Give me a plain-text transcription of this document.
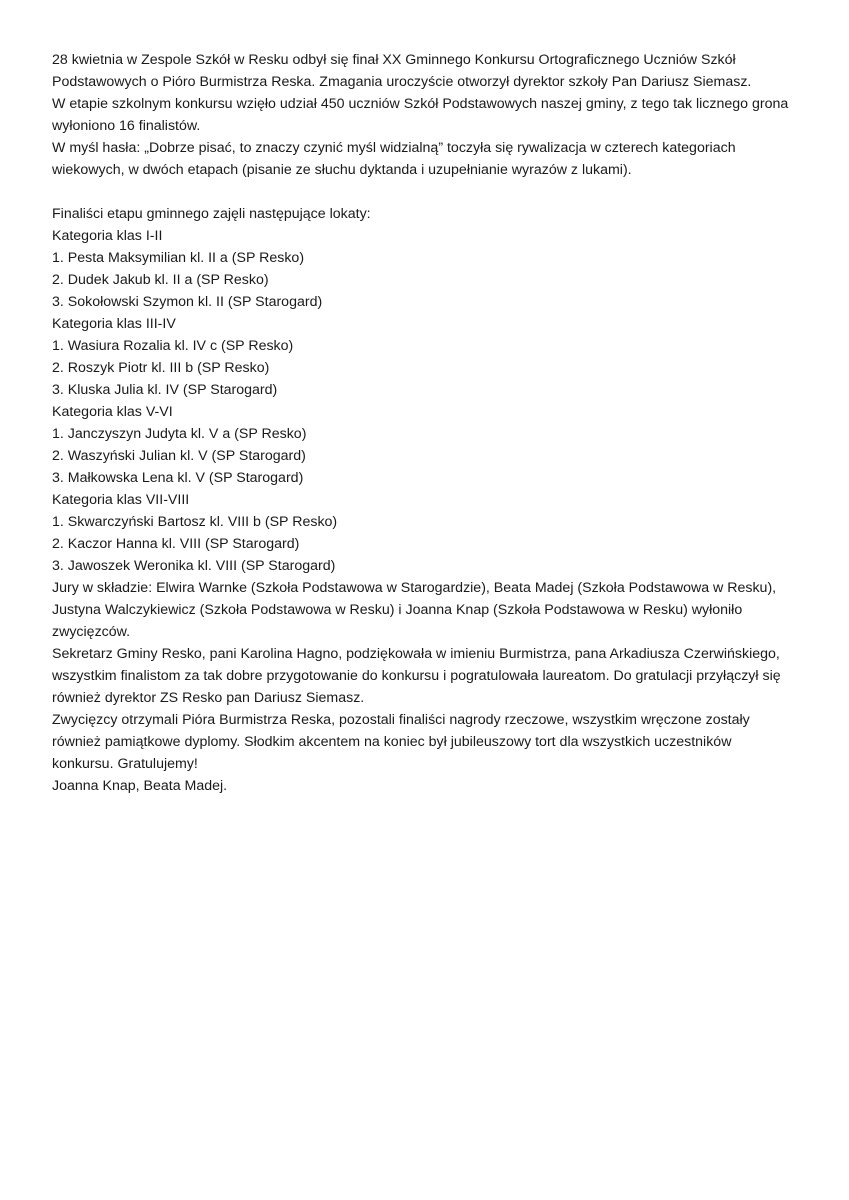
28 kwietnia w Zespole Szkół w Resku odbył się finał XX Gminnego Konkursu Ortograficznego Uczniów Szkół
Podstawowych o Pióro Burmistrza Reska. Zmagania uroczyście otworzył dyrektor szkoły Pan Dariusz Siemasz.
W etapie szkolnym konkursu wzięło udział 450 uczniów Szkół Podstawowych naszej gminy, z tego tak licznego grona
wyłoniono 16 finalistów.
W myśl hasła: „Dobrze pisać, to znaczy czynić myśl widzialną” toczyła się rywalizacja w czterech kategoriach
wiekowych, w dwóch etapach (pisanie ze słuchu dyktanda i uzupełnianie wyrazów z lukami).
Finaliści etapu gminnego zajęli następujące lokaty:
Kategoria klas I-II
1. Pesta Maksymilian kl. II a (SP Resko)
2. Dudek Jakub kl. II a (SP Resko)
3. Sokołowski Szymon kl. II (SP Starogard)
Kategoria klas III-IV
1. Wasiura Rozalia kl. IV c (SP Resko)
2. Roszyk Piotr kl. III b (SP Resko)
3. Kluska Julia kl. IV (SP Starogard)
Kategoria klas V-VI
1. Janczyszyn Judyta kl. V a (SP Resko)
2. Waszyński Julian kl. V (SP Starogard)
3. Małkowska Lena kl. V (SP Starogard)
Kategoria klas VII-VIII
1. Skwarczyński Bartosz kl. VIII b (SP Resko)
2. Kaczor Hanna kl. VIII (SP Starogard)
3. Jawoszek Weronika kl. VIII (SP Starogard)
Jury w składzie: Elwira Warnke (Szkoła Podstawowa w Starogardzie), Beata Madej (Szkoła Podstawowa w Resku),
Justyna Walczykiewicz (Szkoła Podstawowa w Resku) i Joanna Knap (Szkoła Podstawowa w Resku) wyłoniło
zwycięzców.
Sekretarz Gminy Resko, pani Karolina Hagno, podziękowała w imieniu Burmistrza, pana Arkadiusza Czerwińskiego,
wszystkim finalistom za tak dobre przygotowanie do konkursu i pogratulowała laureatom. Do gratulacji przyłączył się
również dyrektor ZS Resko pan Dariusz Siemasz.
Zwycięzcy otrzymali Pióra Burmistrza Reska, pozostali finaliści nagrody rzeczowe, wszystkim wręczone zostały
również pamiątkowe dyplomy. Słodkim akcentem na koniec był jubileuszowy tort dla wszystkich uczestników
konkursu. Gratulujemy!
Joanna Knap, Beata Madej.
